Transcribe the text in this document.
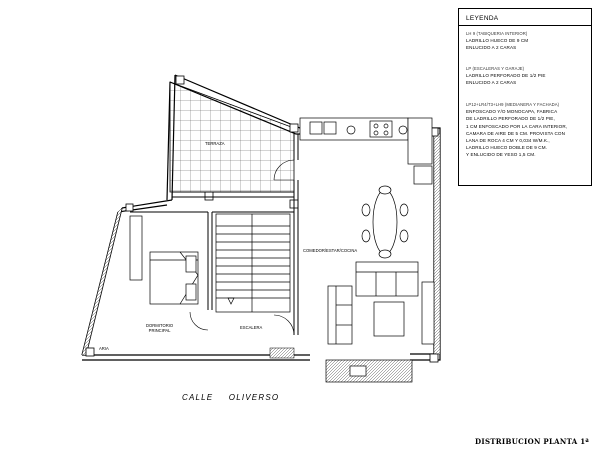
LEYENDA
LH 9 (TABIQUERIA INTERIOR)
LADRILLO HUECO DE 9 CM
ENLUCIDO A 2 CARAS
LP (ESCALERAS Y GARAJE)
LADRILLO PERFORADO DE 1/2 PIE
ENLUCIDO A 2 CARAS
LP12+LR4/T3+LH9 (MEDIANERA Y FACHADA)
ENFOSCADO Y/O MONOCAPA, FABRICA
DE LADRILLO PERFORADO DE 1/2 PIE,
1 CM ENFOSCADO POR LA CARA INTERIOR,
CAMARA DE AIRE DE 5 CM. PROVISTA CON
LANA DE ROCA 4 CM Y 0,034 W/M.K.,
LADRILLO HUECO DOBLE DE 9 CM.
Y ENLUCIDO DE YESO 1,5 CM.
TERRAZA
COMEDOR/ESTAR/COCINA
DORMITORIO
PRINCIPAL
ESCALERA
ARIA
CALLE OLIVERSO
DISTRIBUCION PLANTA 1ª
